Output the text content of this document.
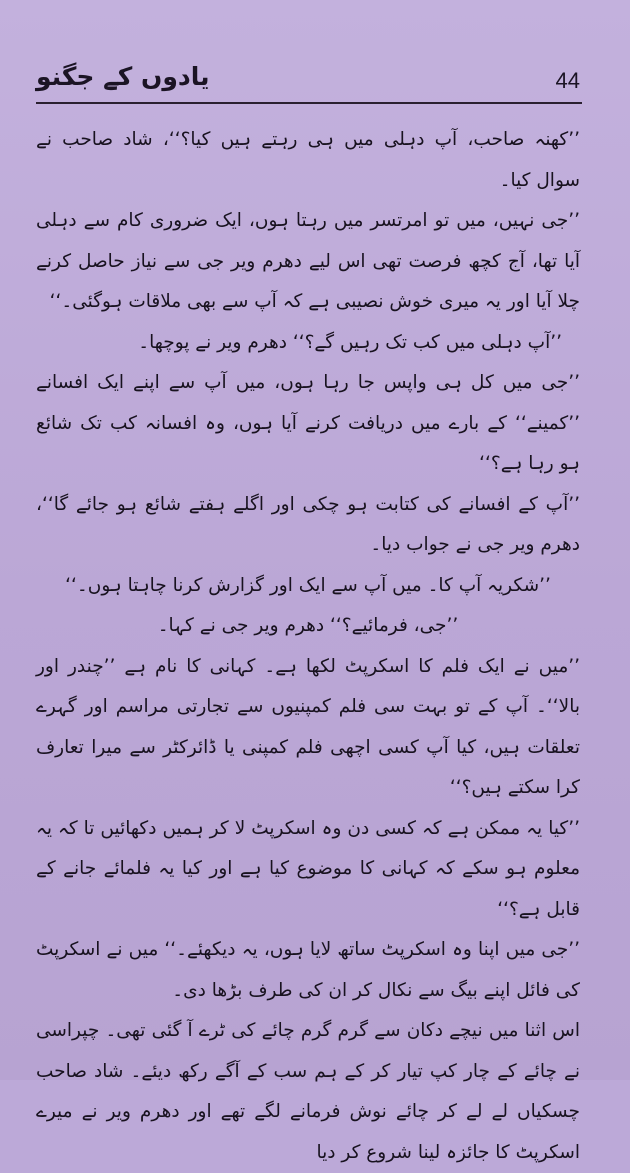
یادوں کے جگنو	44

’’کھنہ صاحب، آپ دہلی میں ہی رہتے ہیں کیا؟‘‘، شاد صاحب نے سوال کیا۔

’’جی نہیں، میں تو امرتسر میں رہتا ہوں، ایک ضروری کام سے دہلی آیا تھا، آج کچھ فرصت تھی اس لیے دھرم ویر جی سے نیاز حاصل کرنے چلا آیا اور یہ میری خوش نصیبی ہے کہ آپ سے بھی ملاقات ہوگئی۔‘‘

’’آپ دہلی میں کب تک رہیں گے؟‘‘ دھرم ویر نے پوچھا۔

’’جی میں کل ہی واپس جا رہا ہوں، میں آپ سے اپنے ایک افسانے ’’کمینے‘‘ کے بارے میں دریافت کرنے آیا ہوں، وہ افسانہ کب تک شائع ہو رہا ہے؟‘‘

’’آپ کے افسانے کی کتابت ہو چکی اور اگلے ہفتے شائع ہو جائے گا‘‘، دھرم ویر جی نے جواب دیا۔

’’شکریہ آپ کا۔ میں آپ سے ایک اور گزارش کرنا چاہتا ہوں۔‘‘

’’جی، فرمائیے؟‘‘ دھرم ویر جی نے کہا۔

’’میں نے ایک فلم کا اسکرپٹ لکھا ہے۔ کہانی کا نام ہے ’’چندر اور بالا‘‘۔ آپ کے تو بہت سی فلم کمپنیوں سے تجارتی مراسم اور گہرے تعلقات ہیں، کیا آپ کسی اچھی فلم کمپنی یا ڈائرکٹر سے میرا تعارف کرا سکتے ہیں؟‘‘

’’کیا یہ ممکن ہے کہ کسی دن وہ اسکرپٹ لا کر ہمیں دکھائیں تا کہ یہ معلوم ہو سکے کہ کہانی کا موضوع کیا ہے اور کیا یہ فلمائے جانے کے قابل ہے؟‘‘

’’جی میں اپنا وہ اسکرپٹ ساتھ لایا ہوں، یہ دیکھئے۔‘‘ میں نے اسکرپٹ کی فائل اپنے بیگ سے نکال کر ان کی طرف بڑھا دی۔

اس اثنا میں نیچے دکان سے گرم گرم چائے کی ٹرے آ گئی تھی۔ چپراسی نے چائے کے چار کپ تیار کر کے ہم سب کے آگے رکھ دیئے۔ شاد صاحب چسکیاں لے لے کر چائے نوش فرمانے لگے تھے اور دھرم ویر نے میرے اسکرپٹ کا جائزہ لینا شروع کر دیا
